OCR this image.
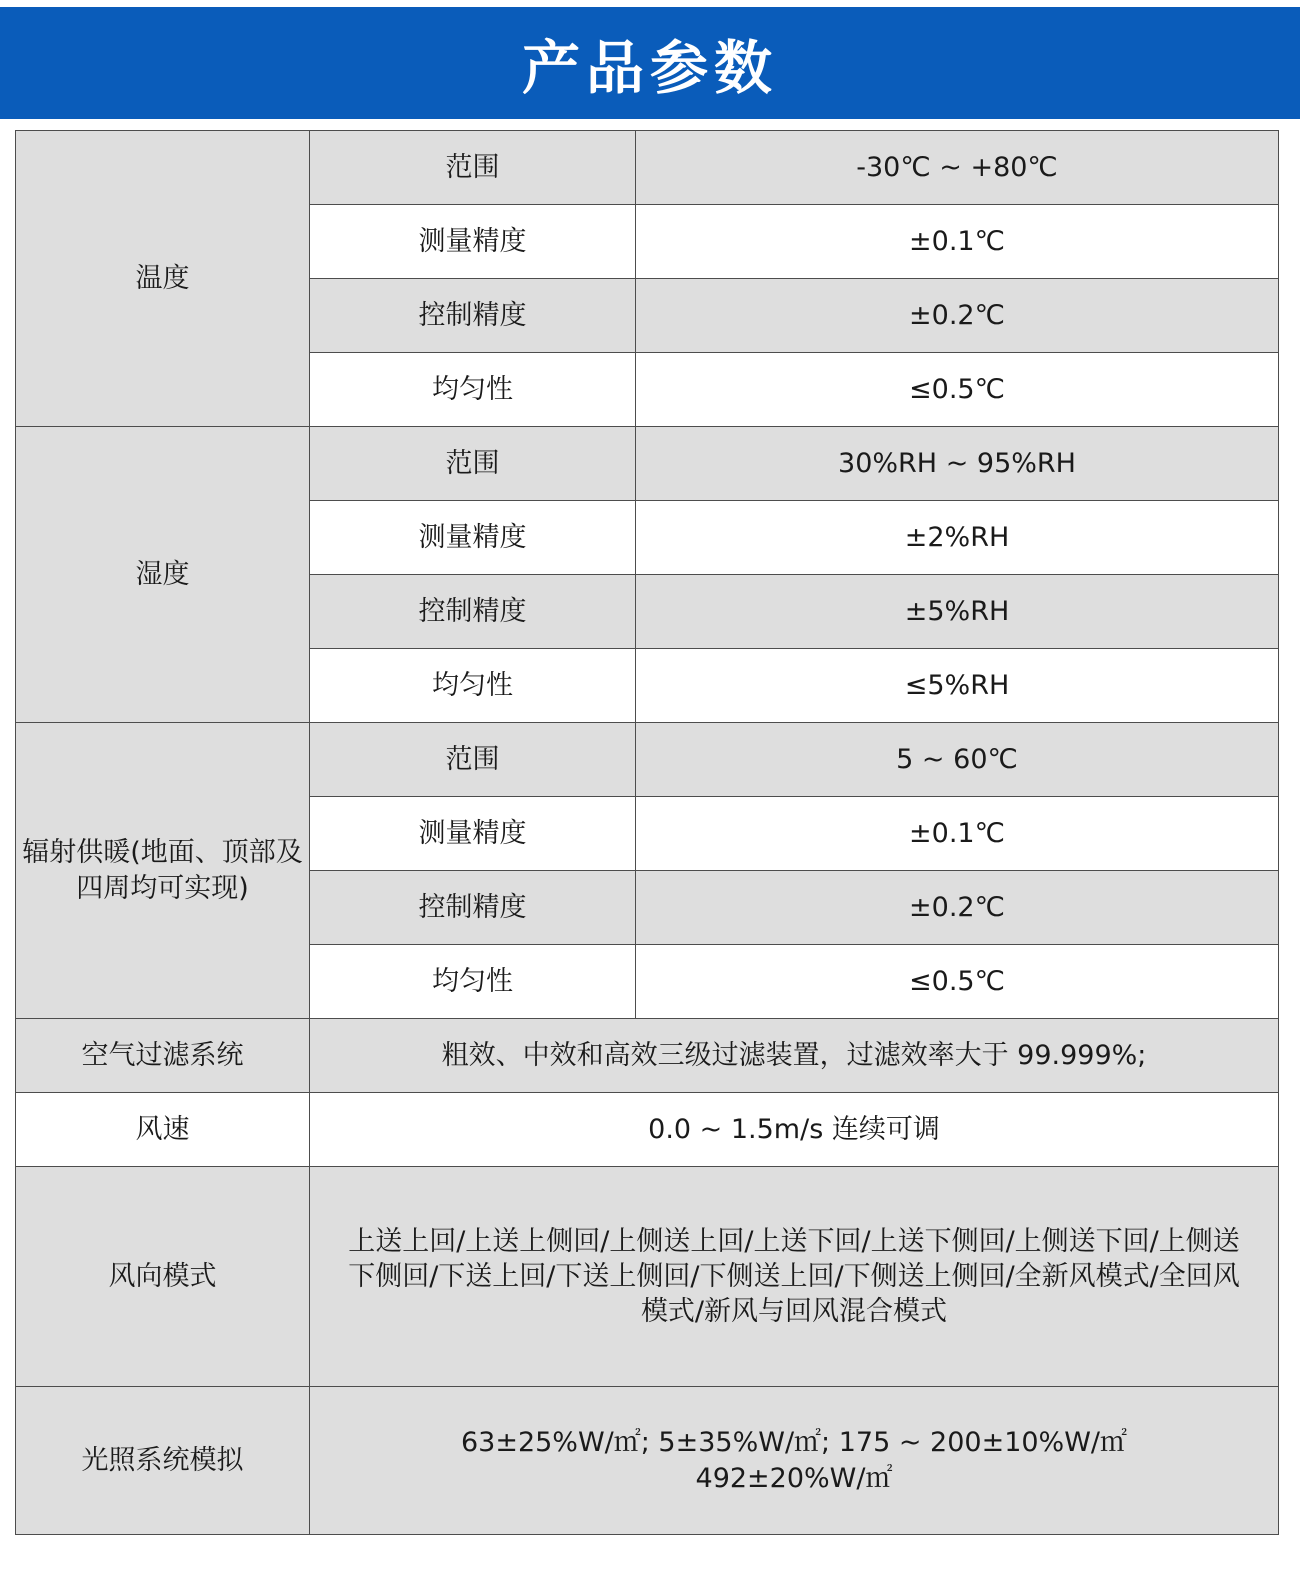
产品参数
温度	范围	-30℃ ~ +80℃
	测量精度	±0.1℃
	控制精度	±0.2℃
	均匀性	≤0.5℃
湿度	范围	30%RH ~ 95%RH
	测量精度	±2%RH
	控制精度	±5%RH
	均匀性	≤5%RH

辐射供暖(地面、顶部及
四周均可实现)	范围	5 ~ 60℃
	测量精度	±0.1℃
	控制精度	±0.2℃
	均匀性	≤0.5℃
空气过滤系统	粗效、中效和高效三级过滤装置，过滤效率大于 99.999%;	
风速	0.0 ~ 1.5m/s 连续可调	
风向模式	上送上回/上送上侧回/上侧送上回/上送下回/上送下侧回/上侧送下回/上侧送
下侧回/下送上回/下送上侧回/下侧送上回/下侧送上侧回/全新风模式/全回风
模式/新风与回风混合模式	

光照系统模拟	63±25%W/㎡; 5±35%W/㎡; 175 ~ 200±10%W/㎡
492±20%W/㎡	
